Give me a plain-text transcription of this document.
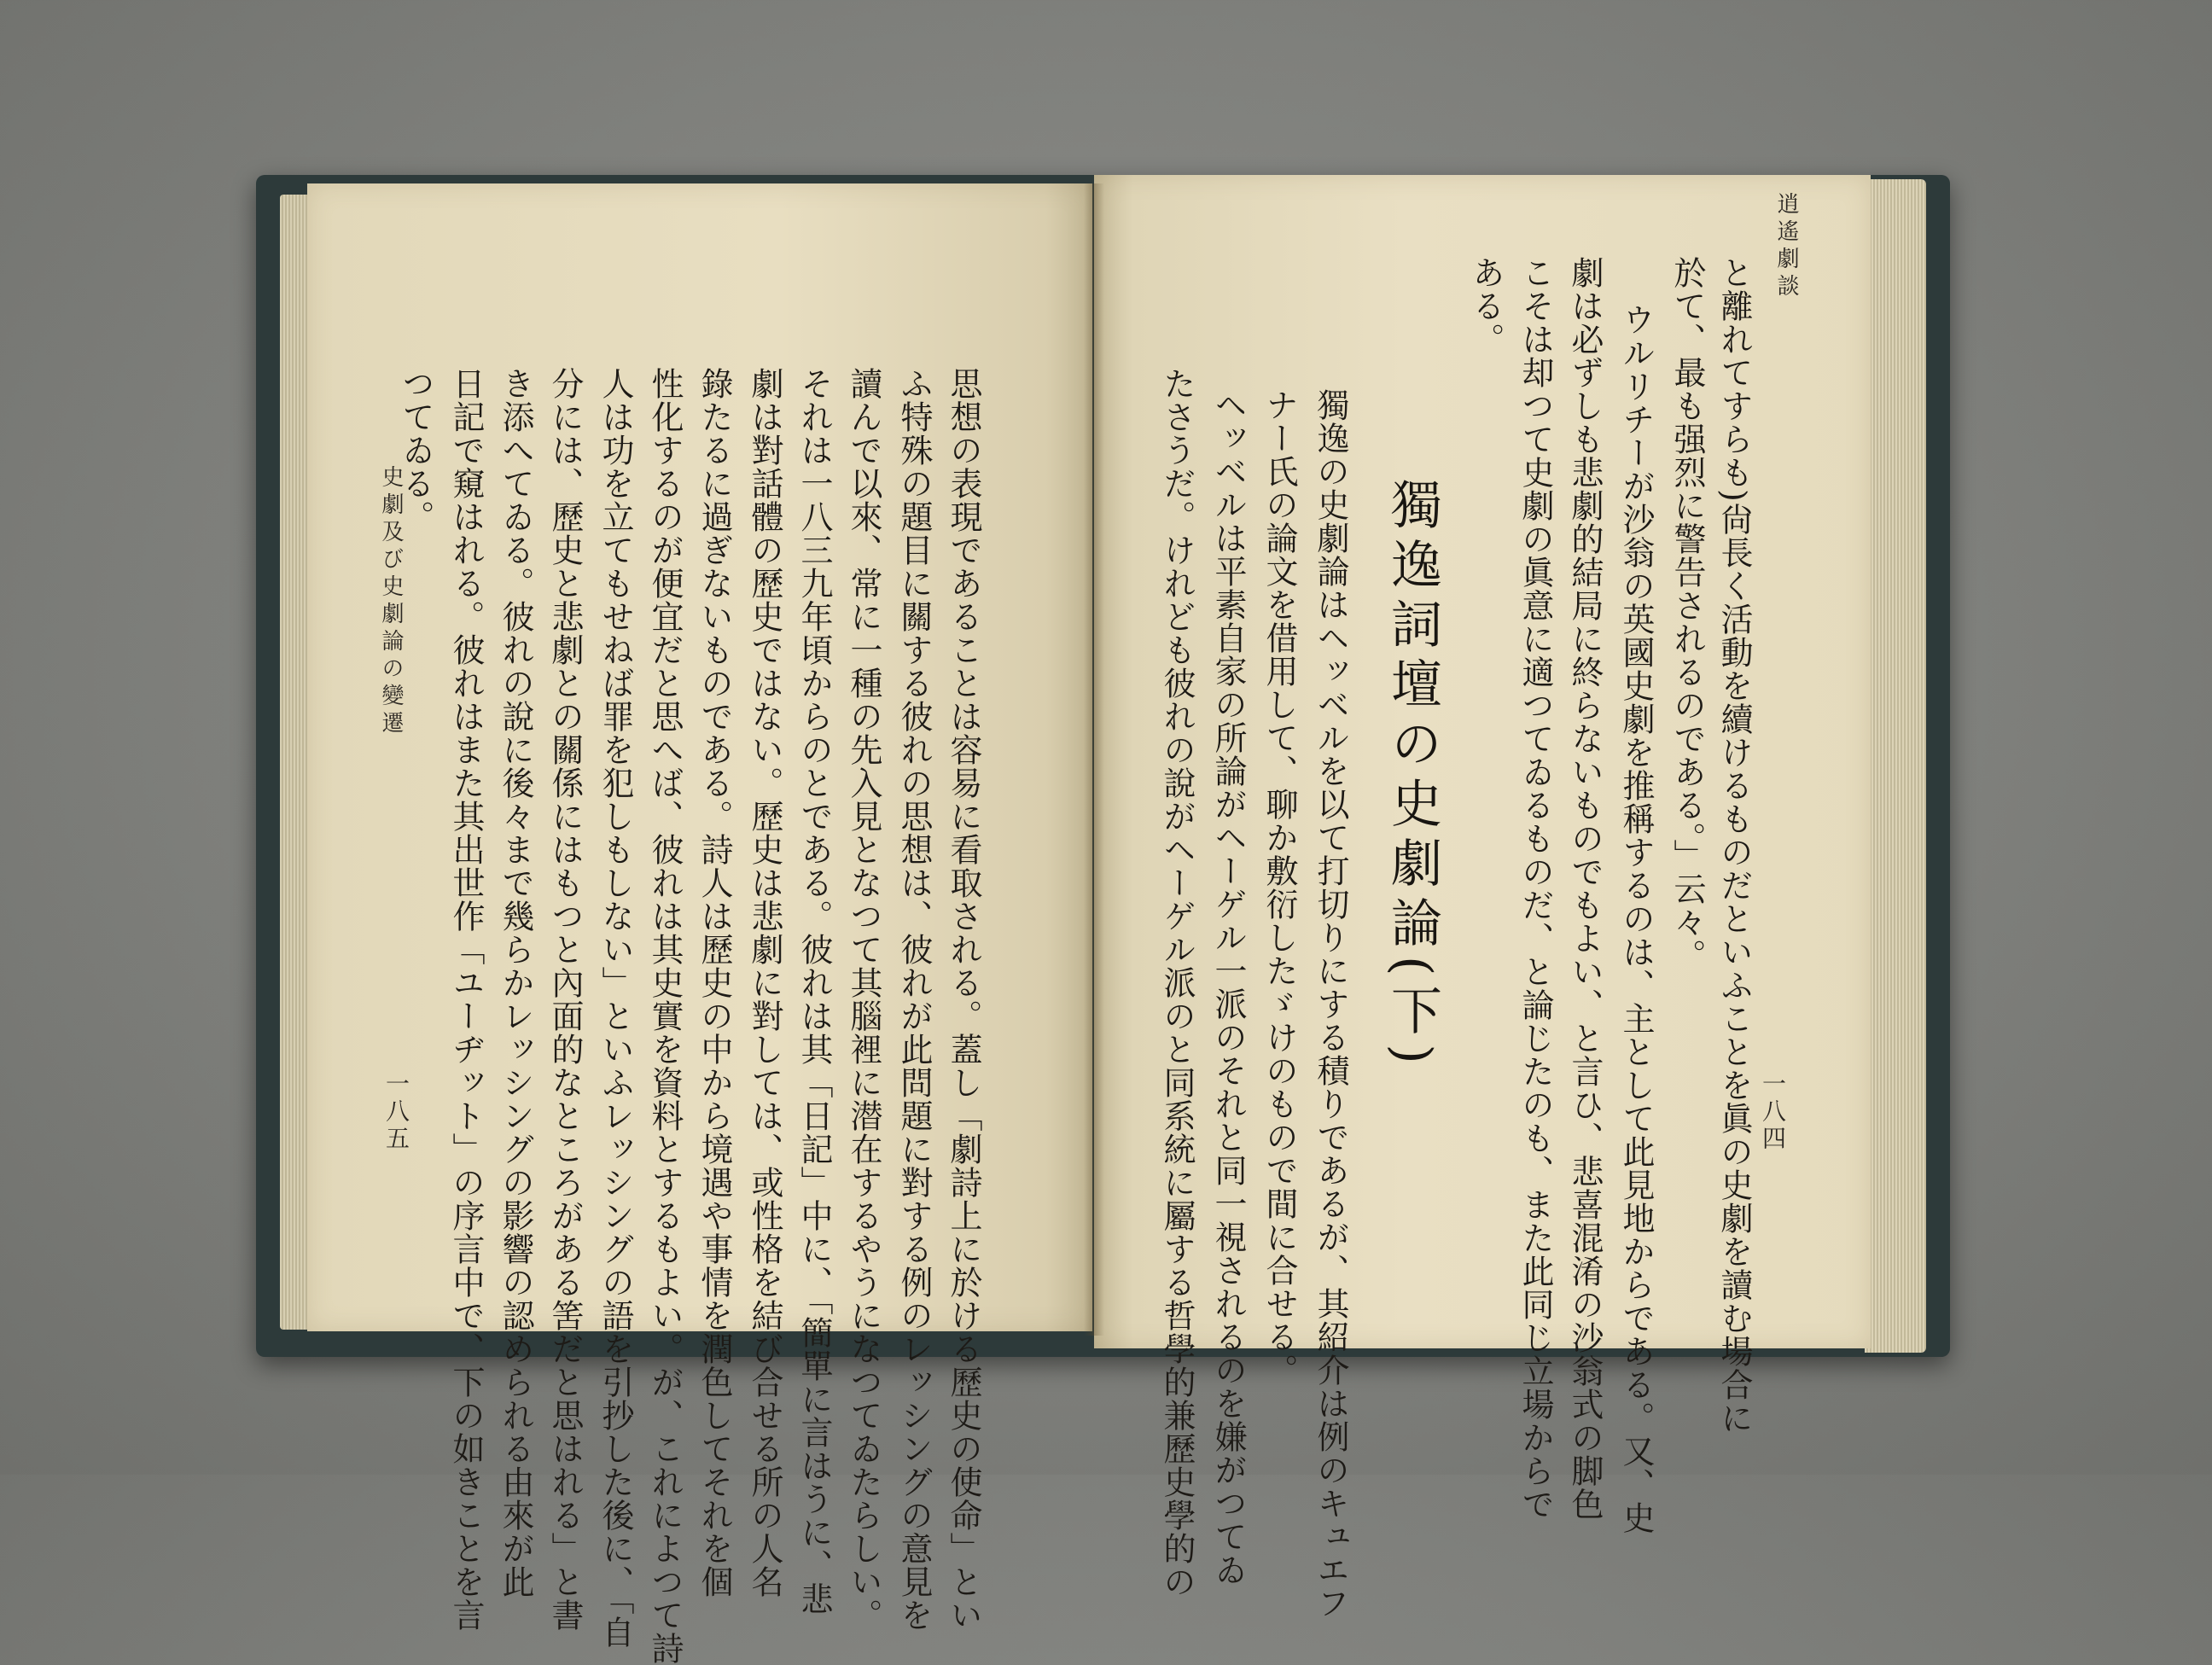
逍遙劇談
一八四
と離れてすらも)尙長く活動を續けるものだといふことを眞の史劇を讀む場合に
於て、最も强烈に警告されるのである。」云々。
ウルリチーが沙翁の英國史劇を推稱するのは、主として此見地からである。又、史
劇は必ずしも悲劇的結局に終らないものでもよい、と言ひ、悲喜混淆の沙翁式の脚色
こそは却つて史劇の眞意に適つてゐるものだ、と論じたのも、また此同じ立場からで
ある。
獨逸詞壇の史劇論(下)
獨逸の史劇論はヘッベルを以て打切りにする積りであるが、其紹介は例のキュエフ
ナー氏の論文を借用して、聊か敷衍したゞけのもので間に合せる。
ヘッベルは平素自家の所論がヘーゲル一派のそれと同一視されるのを嫌がつてゐ
たさうだ。けれども彼れの說がヘーゲル派のと同系統に屬する哲學的兼歷史學的の
思想の表現であることは容易に看取される。蓋し「劇詩上に於ける歷史の使命」とい
ふ特殊の題目に關する彼れの思想は、彼れが此問題に對する例のレッシングの意見を
讀んで以來、常に一種の先入見となつて其腦裡に潜在するやうになつてゐたらしい。
それは一八三九年頃からのとである。彼れは其「日記」中に、「簡單に言はうに、悲
劇は對話體の歷史ではない。歷史は悲劇に對しては、或性格を結び合せる所の人名
錄たるに過ぎないものである。詩人は歷史の中から境遇や事情を潤色してそれを個
性化するのが便宜だと思へば、彼れは其史實を資料とするもよい。が、これによつて詩
人は功を立てもせねば罪を犯しもしない」といふレッシングの語を引抄した後に、「自
分には、歷史と悲劇との關係にはもつと內面的なところがある筈だと思はれる」と書
き添へてゐる。彼れの說に後々まで幾らかレッシングの影響の認められる由來が此
日記で窺はれる。彼れはまた其出世作「ユーヂット」の序言中で、下の如きことを言
つてゐる。
史劇及び史劇論の變遷
一八五
